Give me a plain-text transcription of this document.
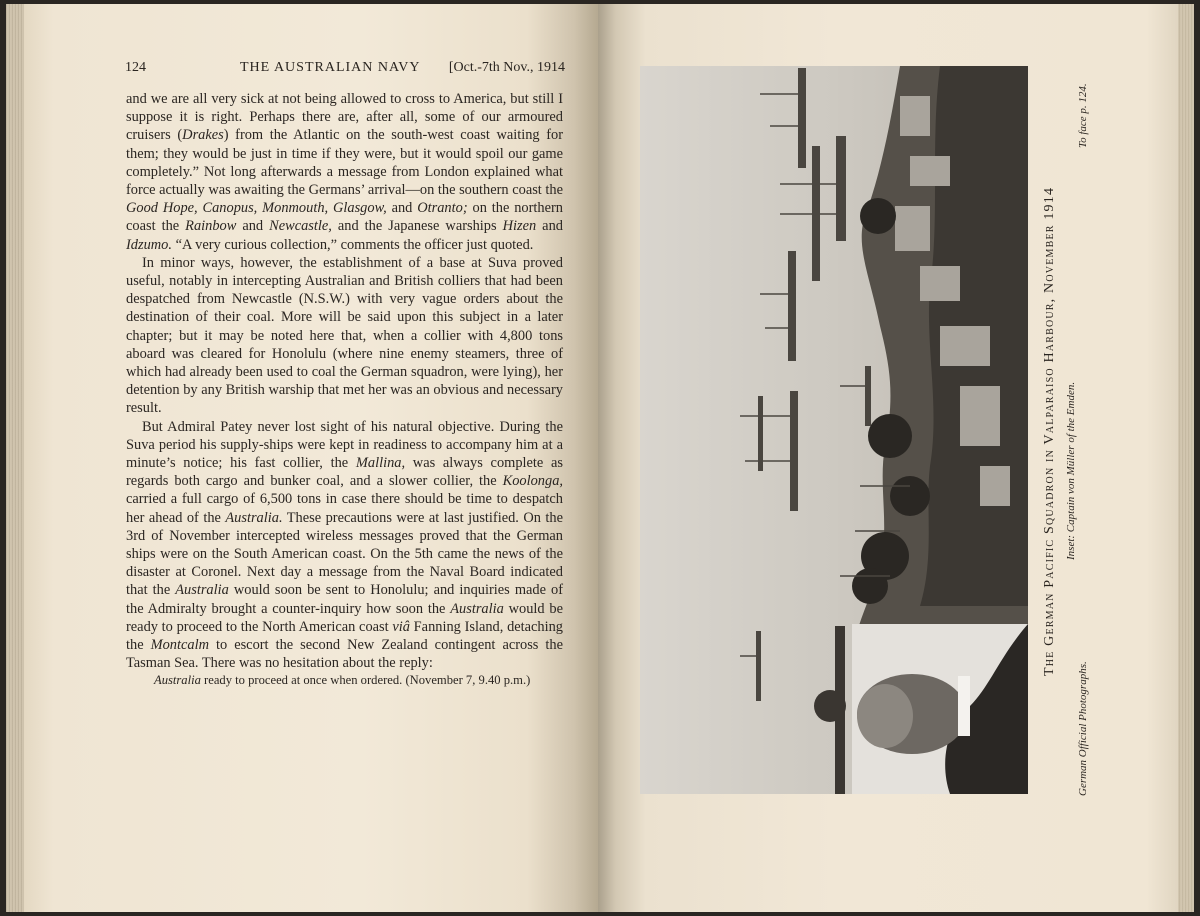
124	THE AUSTRALIAN NAVY [Oct.-7th Nov., 1914

and we are all very sick at not being allowed to cross to America, but still I suppose it is right. Perhaps there are, after all, some of our armoured cruisers (Drakes) from the Atlantic on the south-west coast waiting for them; they would be just in time if they were, but it would spoil our game completely.” Not long afterwards a message from London explained what force actually was awaiting the Germans’ arrival—on the southern coast the Good Hope, Canopus, Monmouth, Glasgow, and Otranto; on the northern coast the Rainbow and Newcastle, and the Japanese warships Hizen and Idzumo. “A very curious collection,” comments the officer just quoted.

In minor ways, however, the establishment of a base at Suva proved useful, notably in intercepting Australian and British colliers that had been despatched from Newcastle (N.S.W.) with very vague orders about the destination of their coal. More will be said upon this subject in a later chapter; but it may be noted here that, when a collier with 4,800 tons aboard was cleared for Honolulu (where nine enemy steamers, three of which had already been used to coal the German squadron, were lying), her detention by any British warship that met her was an obvious and necessary result.

But Admiral Patey never lost sight of his natural objective. During the Suva period his supply-ships were kept in readiness to accompany him at a minute’s notice; his fast collier, the Mallina, was always complete as regards both cargo and bunker coal, and a slower collier, the Koolonga, carried a full cargo of 6,500 tons in case there should be time to despatch her ahead of the Australia. These precautions were at last justified. On the 3rd of November intercepted wireless messages proved that the German ships were on the South American coast. On the 5th came the news of the disaster at Coronel. Next day a message from the Naval Board indicated that the Australia would soon be sent to Honolulu; and inquiries made of the Admiralty brought a counter-inquiry how soon the Australia would be ready to proceed to the North American coast viâ Fanning Island, detaching the Montcalm to escort the second New Zealand contingent across the Tasman Sea. There was no hesitation about the reply:

Australia ready to proceed at once when ordered. (November 7, 9.40 p.m.)

The German Pacific Squadron in Valparaiso Harbour, November 1914 Inset: Captain von Müller of the Emden.
German Official Photographs.
To face p. 124.
